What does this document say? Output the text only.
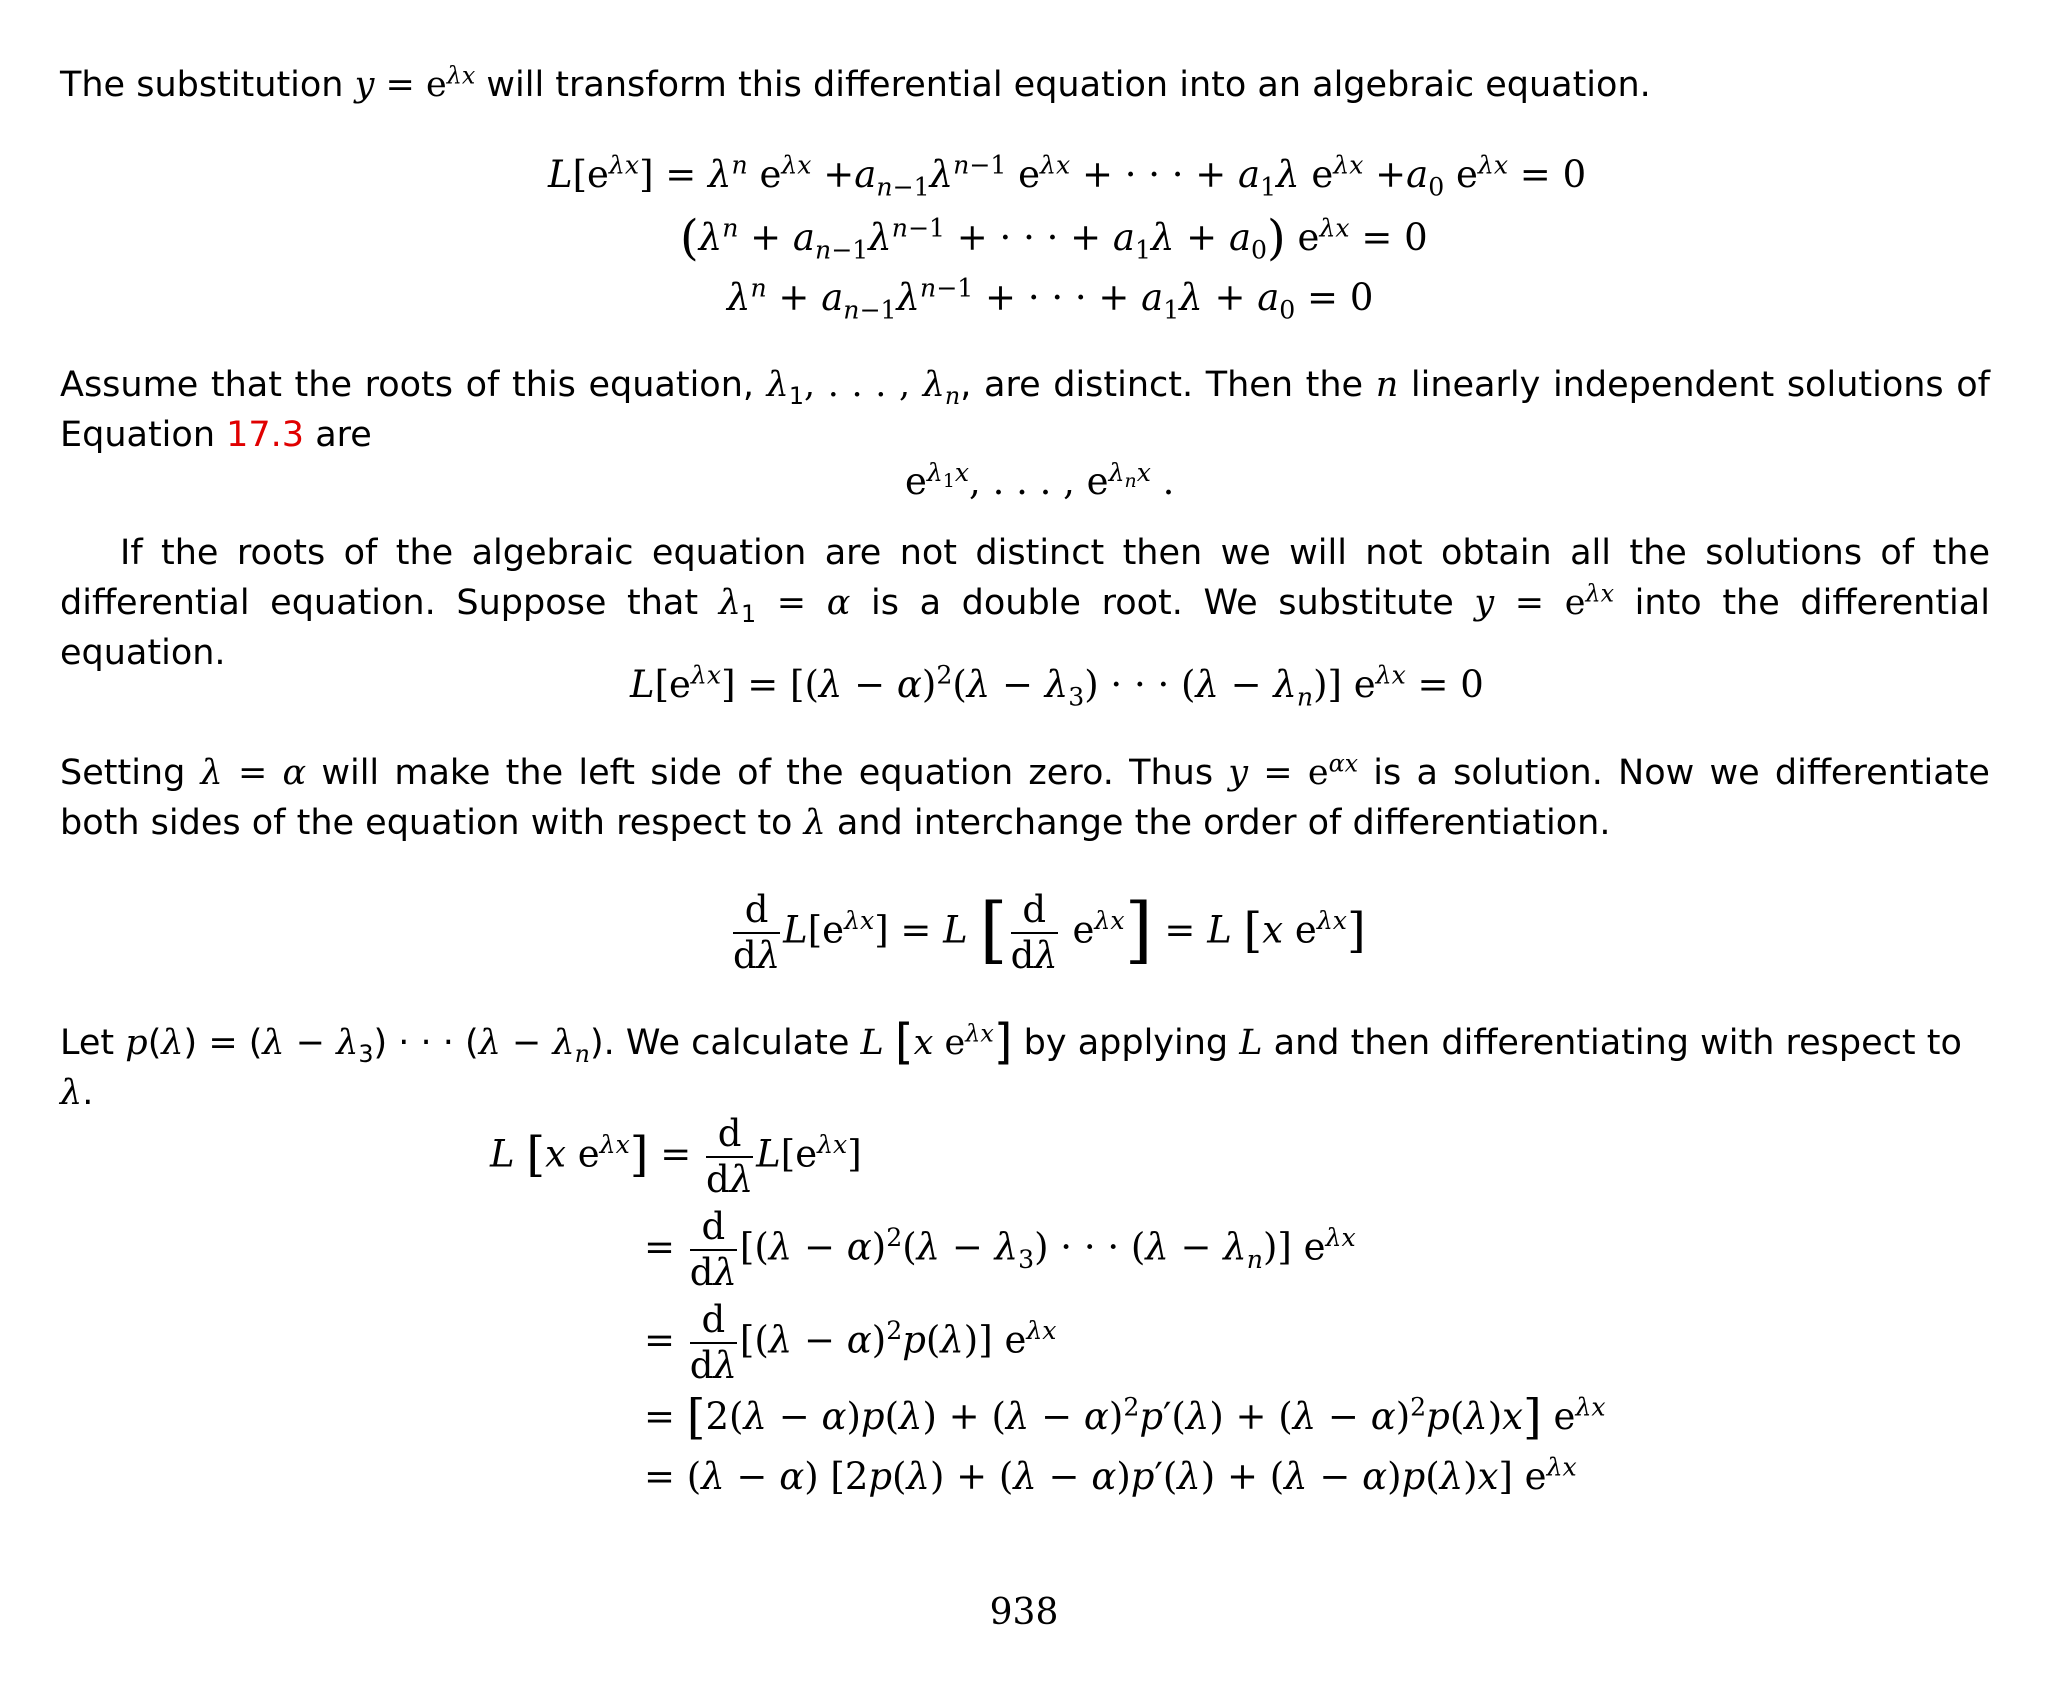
The substitution $y = e^{\lambda x}$ will transform this differential equation into an algebraic equation.

$L[e^{\lambda x}] = \lambda^n$ $e^{\lambda x} +a_{n-1}\lambda^{n-1}$ $e^{\lambda x}$ + · · · + $a_1\lambda$ $e^{\lambda x} +a_0$ $e^{\lambda x} = 0$
($\lambda^n + a_{n-1}\lambda^{n-1}$ + · · · + $a_1\lambda + a_0$) $e^{\lambda x} = 0$
$\lambda^n + a_{n-1}\lambda^{n-1}$ + · · · + $a_1\lambda + a_0 = 0$

Assume that the roots of this equation, $\lambda_1$, . . . , $\lambda_n$, are distinct. Then the n linearly independent solutions of Equation 17.3 are

$e^{\lambda_1x}$, . . . , $e^{\lambda_nx}$ .

If the roots of the algebraic equation are not distinct then we will not obtain all the solutions of the differential equation. Suppose that $\lambda_1 = \alpha$ is a double root. We substitute $y = e^{\lambda x}$ into the differential equation.

$L[e^{\lambda x}] = [(\lambda - \alpha)^2(\lambda - \lambda_3)$ · · · $(\lambda - \lambda_n)$] $e^{\lambda x} = 0$

Setting λ = α will make the left side of the equation zero. Thus $y = e^{\alpha x}$ is a solution. Now we differentiate both sides of the equation with respect to λ and interchange the order of differentiation.

$\frac{d}{d\lambda} L[e^{\lambda x}] = L$ [ $\frac{d}{d\lambda} e^{\lambda x}] = L$ [x $e^{\lambda x}$]

Let $p(\lambda) = (\lambda - \lambda_3)$ · · · $(\lambda - \lambda_n)$. We calculate L [x $e^{\lambda x}$] by applying L and then differentiating with respect to λ.

L [x $e^{\lambda x}] = \frac{d}{d\lambda} L[e^{\lambda x}]$
= $\frac{d}{d\lambda} [(\lambda - \alpha)^2(\lambda - \lambda_3)$ · · · $(\lambda - \lambda_n)$] $e^{\lambda x}$
= $\frac{d}{d\lambda} [(\lambda - \alpha)^2p(\lambda)]$ $e^{\lambda x}$
= $[2(\lambda - \alpha)p(\lambda) + (\lambda - \alpha)^2p'(\lambda) + (\lambda - \alpha)^2p(\lambda)x]$ $e^{\lambda x}$
= (λ − α) [2p(λ) + (λ − α)p′(λ) + (λ − α)p(λ)x] $e^{\lambda x}$
938
